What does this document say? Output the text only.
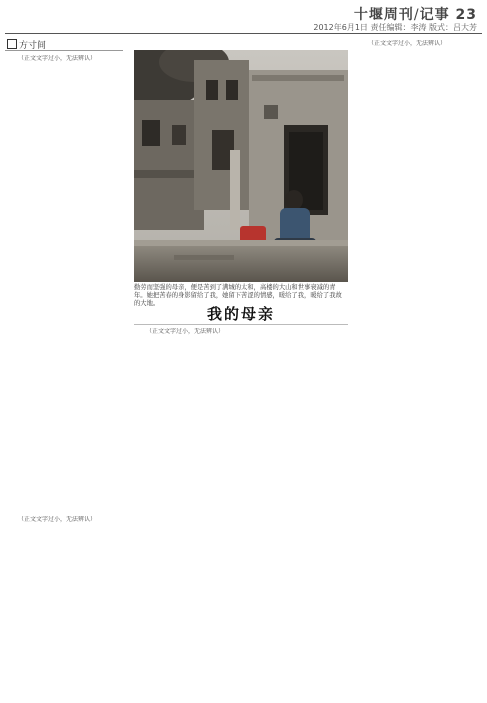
十堰周刊/记事 23
2012年6月1日 责任编辑：李涛 版式：吕大芳
方寸间

（正文文字过小，无法辨认）

勤劳而坚强的母亲，便是苦到了满城的太和，高楼的大山和世事衰减的青年。她把苦春的身影留给了我，她留下苦涩的情感，暖给了我，暖给了我故的大地。
我的母亲

（正文文字过小，无法辨认）

（正文文字过小，无法辨认）

（正文文字过小，无法辨认）
